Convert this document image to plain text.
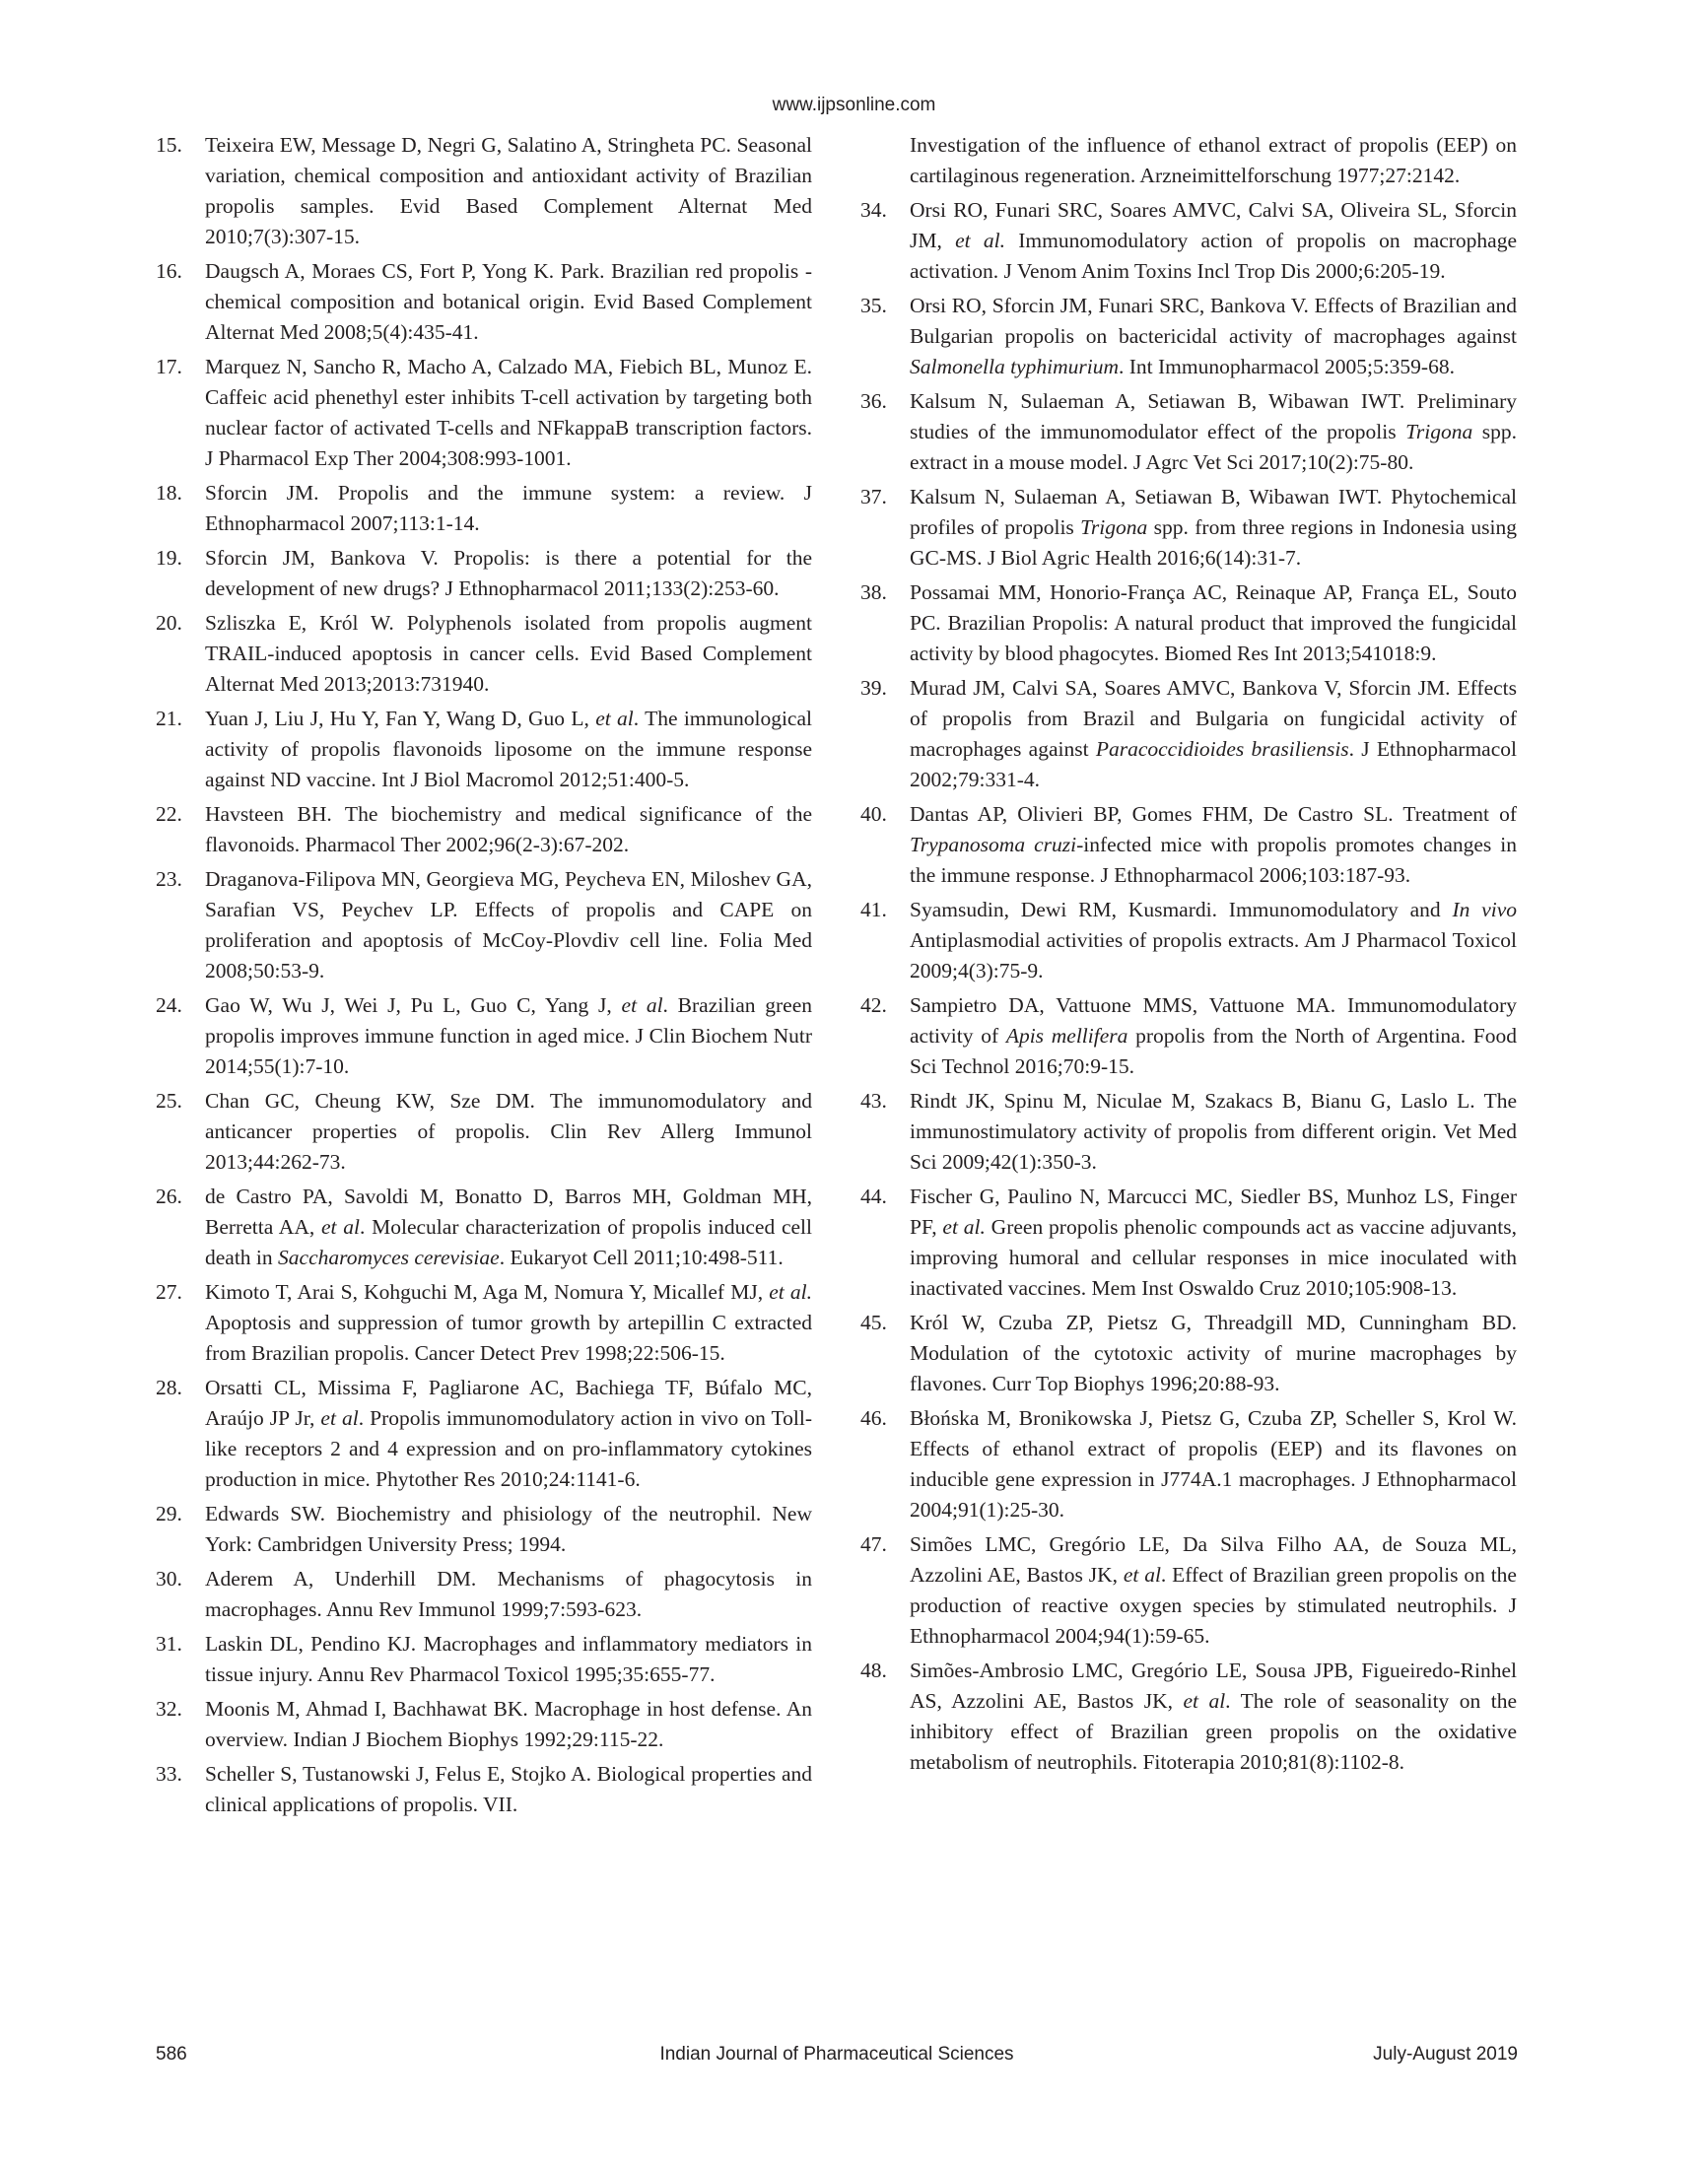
www.ijpsonline.com
15. Teixeira EW, Message D, Negri G, Salatino A, Stringheta PC. Seasonal variation, chemical composition and antioxidant activity of Brazilian propolis samples. Evid Based Complement Alternat Med 2010;7(3):307-15.
16. Daugsch A, Moraes CS, Fort P, Yong K. Park. Brazilian red propolis - chemical composition and botanical origin. Evid Based Complement Alternat Med 2008;5(4):435-41.
17. Marquez N, Sancho R, Macho A, Calzado MA, Fiebich BL, Munoz E. Caffeic acid phenethyl ester inhibits T-cell activation by targeting both nuclear factor of activated T-cells and NFkappaB transcription factors. J Pharmacol Exp Ther 2004;308:993-1001.
18. Sforcin JM. Propolis and the immune system: a review. J Ethnopharmacol 2007;113:1-14.
19. Sforcin JM, Bankova V. Propolis: is there a potential for the development of new drugs? J Ethnopharmacol 2011;133(2):253-60.
20. Szliszka E, Król W. Polyphenols isolated from propolis augment TRAIL-induced apoptosis in cancer cells. Evid Based Complement Alternat Med 2013;2013:731940.
21. Yuan J, Liu J, Hu Y, Fan Y, Wang D, Guo L, et al. The immunological activity of propolis flavonoids liposome on the immune response against ND vaccine. Int J Biol Macromol 2012;51:400-5.
22. Havsteen BH. The biochemistry and medical significance of the flavonoids. Pharmacol Ther 2002;96(2-3):67-202.
23. Draganova-Filipova MN, Georgieva MG, Peycheva EN, Miloshev GA, Sarafian VS, Peychev LP. Effects of propolis and CAPE on proliferation and apoptosis of McCoy-Plovdiv cell line. Folia Med 2008;50:53-9.
24. Gao W, Wu J, Wei J, Pu L, Guo C, Yang J, et al. Brazilian green propolis improves immune function in aged mice. J Clin Biochem Nutr 2014;55(1):7-10.
25. Chan GC, Cheung KW, Sze DM. The immunomodulatory and anticancer properties of propolis. Clin Rev Allerg Immunol 2013;44:262-73.
26. de Castro PA, Savoldi M, Bonatto D, Barros MH, Goldman MH, Berretta AA, et al. Molecular characterization of propolis induced cell death in Saccharomyces cerevisiae. Eukaryot Cell 2011;10:498-511.
27. Kimoto T, Arai S, Kohguchi M, Aga M, Nomura Y, Micallef MJ, et al. Apoptosis and suppression of tumor growth by artepillin C extracted from Brazilian propolis. Cancer Detect Prev 1998;22:506-15.
28. Orsatti CL, Missima F, Pagliarone AC, Bachiega TF, Búfalo MC, Araújo JP Jr, et al. Propolis immunomodulatory action in vivo on Toll-like receptors 2 and 4 expression and on pro-inflammatory cytokines production in mice. Phytother Res 2010;24:1141-6.
29. Edwards SW. Biochemistry and phisiology of the neutrophil. New York: Cambridgen University Press; 1994.
30. Aderem A, Underhill DM. Mechanisms of phagocytosis in macrophages. Annu Rev Immunol 1999;7:593-623.
31. Laskin DL, Pendino KJ. Macrophages and inflammatory mediators in tissue injury. Annu Rev Pharmacol Toxicol 1995;35:655-77.
32. Moonis M, Ahmad I, Bachhawat BK. Macrophage in host defense. An overview. Indian J Biochem Biophys 1992;29:115-22.
33. Scheller S, Tustanowski J, Felus E, Stojko A. Biological properties and clinical applications of propolis. VII.
Investigation of the influence of ethanol extract of propolis (EEP) on cartilaginous regeneration. Arzneimittelforschung 1977;27:2142.
34. Orsi RO, Funari SRC, Soares AMVC, Calvi SA, Oliveira SL, Sforcin JM, et al. Immunomodulatory action of propolis on macrophage activation. J Venom Anim Toxins Incl Trop Dis 2000;6:205-19.
35. Orsi RO, Sforcin JM, Funari SRC, Bankova V. Effects of Brazilian and Bulgarian propolis on bactericidal activity of macrophages against Salmonella typhimurium. Int Immunopharmacol 2005;5:359-68.
36. Kalsum N, Sulaeman A, Setiawan B, Wibawan IWT. Preliminary studies of the immunomodulator effect of the propolis Trigona spp. extract in a mouse model. J Agrc Vet Sci 2017;10(2):75-80.
37. Kalsum N, Sulaeman A, Setiawan B, Wibawan IWT. Phytochemical profiles of propolis Trigona spp. from three regions in Indonesia using GC-MS. J Biol Agric Health 2016;6(14):31-7.
38. Possamai MM, Honorio-França AC, Reinaque AP, França EL, Souto PC. Brazilian Propolis: A natural product that improved the fungicidal activity by blood phagocytes. Biomed Res Int 2013;541018:9.
39. Murad JM, Calvi SA, Soares AMVC, Bankova V, Sforcin JM. Effects of propolis from Brazil and Bulgaria on fungicidal activity of macrophages against Paracoccidioides brasiliensis. J Ethnopharmacol 2002;79:331-4.
40. Dantas AP, Olivieri BP, Gomes FHM, De Castro SL. Treatment of Trypanosoma cruzi-infected mice with propolis promotes changes in the immune response. J Ethnopharmacol 2006;103:187-93.
41. Syamsudin, Dewi RM, Kusmardi. Immunomodulatory and In vivo Antiplasmodial activities of propolis extracts. Am J Pharmacol Toxicol 2009;4(3):75-9.
42. Sampietro DA, Vattuone MMS, Vattuone MA. Immunomodulatory activity of Apis mellifera propolis from the North of Argentina. Food Sci Technol 2016;70:9-15.
43. Rindt JK, Spinu M, Niculae M, Szakacs B, Bianu G, Laslo L. The immunostimulatory activity of propolis from different origin. Vet Med Sci 2009;42(1):350-3.
44. Fischer G, Paulino N, Marcucci MC, Siedler BS, Munhoz LS, Finger PF, et al. Green propolis phenolic compounds act as vaccine adjuvants, improving humoral and cellular responses in mice inoculated with inactivated vaccines. Mem Inst Oswaldo Cruz 2010;105:908-13.
45. Król W, Czuba ZP, Pietsz G, Threadgill MD, Cunningham BD. Modulation of the cytotoxic activity of murine macrophages by flavones. Curr Top Biophys 1996;20:88-93.
46. Błońska M, Bronikowska J, Pietsz G, Czuba ZP, Scheller S, Krol W. Effects of ethanol extract of propolis (EEP) and its flavones on inducible gene expression in J774A.1 macrophages. J Ethnopharmacol 2004;91(1):25-30.
47. Simões LMC, Gregório LE, Da Silva Filho AA, de Souza ML, Azzolini AE, Bastos JK, et al. Effect of Brazilian green propolis on the production of reactive oxygen species by stimulated neutrophils. J Ethnopharmacol 2004;94(1):59-65.
48. Simões-Ambrosio LMC, Gregório LE, Sousa JPB, Figueiredo-Rinhel AS, Azzolini AE, Bastos JK, et al. The role of seasonality on the inhibitory effect of Brazilian green propolis on the oxidative metabolism of neutrophils. Fitoterapia 2010;81(8):1102-8.
586	Indian Journal of Pharmaceutical Sciences	July-August 2019
